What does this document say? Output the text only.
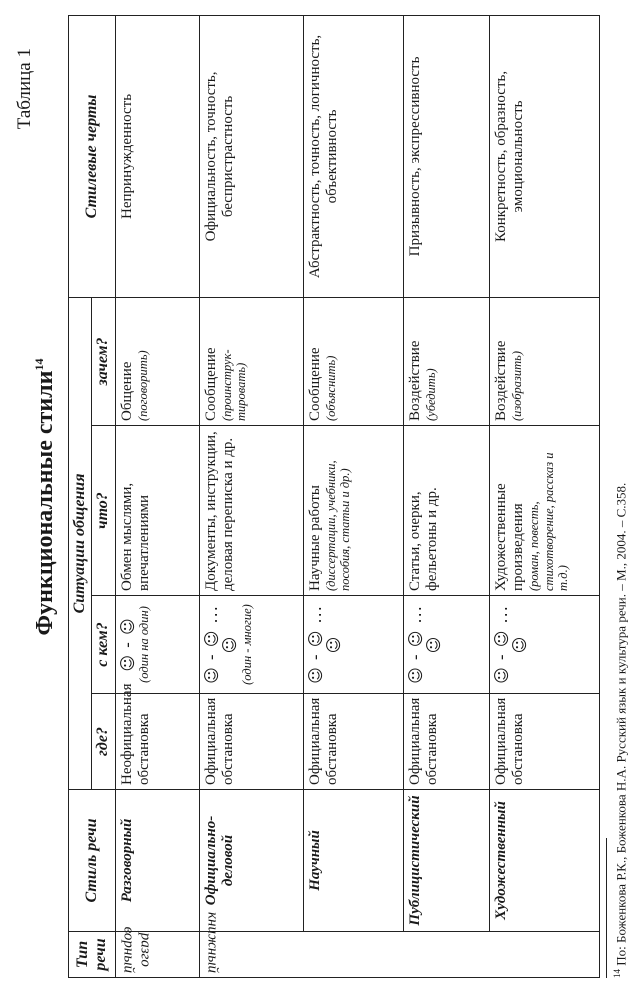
Таблица 1
Функциональные стили$^{14}$
Тип речи	Стиль речи	Ситуации общения				Стилевые черты
		где?	с кем?	что?	зачем?	
разго ворный	Разговорный	Неофициальная обстановка	☺ - ☺ (один на один)	Обмен мыслями, впечатлениями	Общение (поговорить)	Непринужденность
книжный	Официально-деловой	Официальная обстановка	☺ - ☺ ...☺ (один - многие)	Документы, инструкции, деловая переписка и др.	Сообщение (проинструк-тировать)	Официальность, точность, беспристрастность
	Научный	Официальная обстановка	☺ - ☺ ...☺	Научные работы (диссертации, учебники, пособия, статьи и др.)	Сообщение (объяснить)	Абстрактность, точность, логичность, объективность
	Публицистический	Официальная обстановка	☺ - ☺ ...☺	Статьи, очерки, фельетоны и др.	Воздействие (убедить)	Призывность, экспрессивность
	Художественный	Официальная обстановка	☺ - ☺ ...☺	Художественные произведения (роман, повесть, стихотворение, рассказ и т.д.)	Воздействие (изобразить)	Конкретность, образность, эмоциональность
$^{14}$ По: Боженкова Р.К., Боженкова Н.А. Русский язык и культура речи. – М., 2004. – С.358.
